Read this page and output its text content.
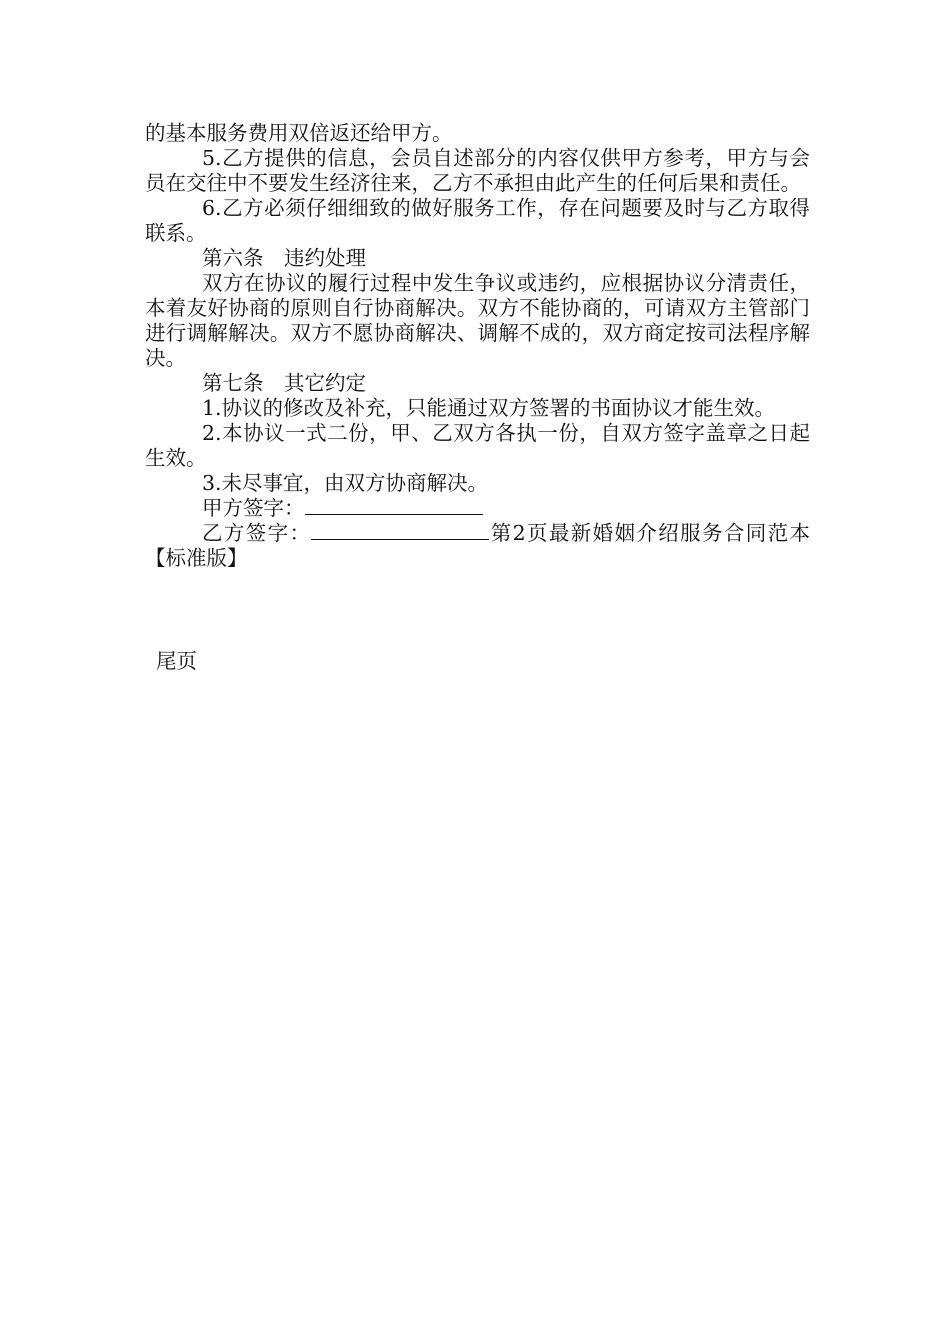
的基本服务费用双倍返还给甲方。

5.乙方提供的信息，会员自述部分的内容仅供甲方参考，甲方与会员在交往中不要发生经济往来，乙方不承担由此产生的任何后果和责任。

6.乙方必须仔细细致的做好服务工作，存在问题要及时与乙方取得联系。

第六条　违约处理

双方在协议的履行过程中发生争议或违约，应根据协议分清责任，本着友好协商的原则自行协商解决。双方不能协商的，可请双方主管部门进行调解解决。双方不愿协商解决、调解不成的，双方商定按司法程序解决。

第七条　其它约定

1.协议的修改及补充，只能通过双方签署的书面协议才能生效。

2.本协议一式二份，甲、乙双方各执一份，自双方签字盖章之日起生效。

3.未尽事宜，由双方协商解决。

甲方签字：

乙方签字：	第2页最新婚姻介绍服务合同范本【标准版】

尾页
